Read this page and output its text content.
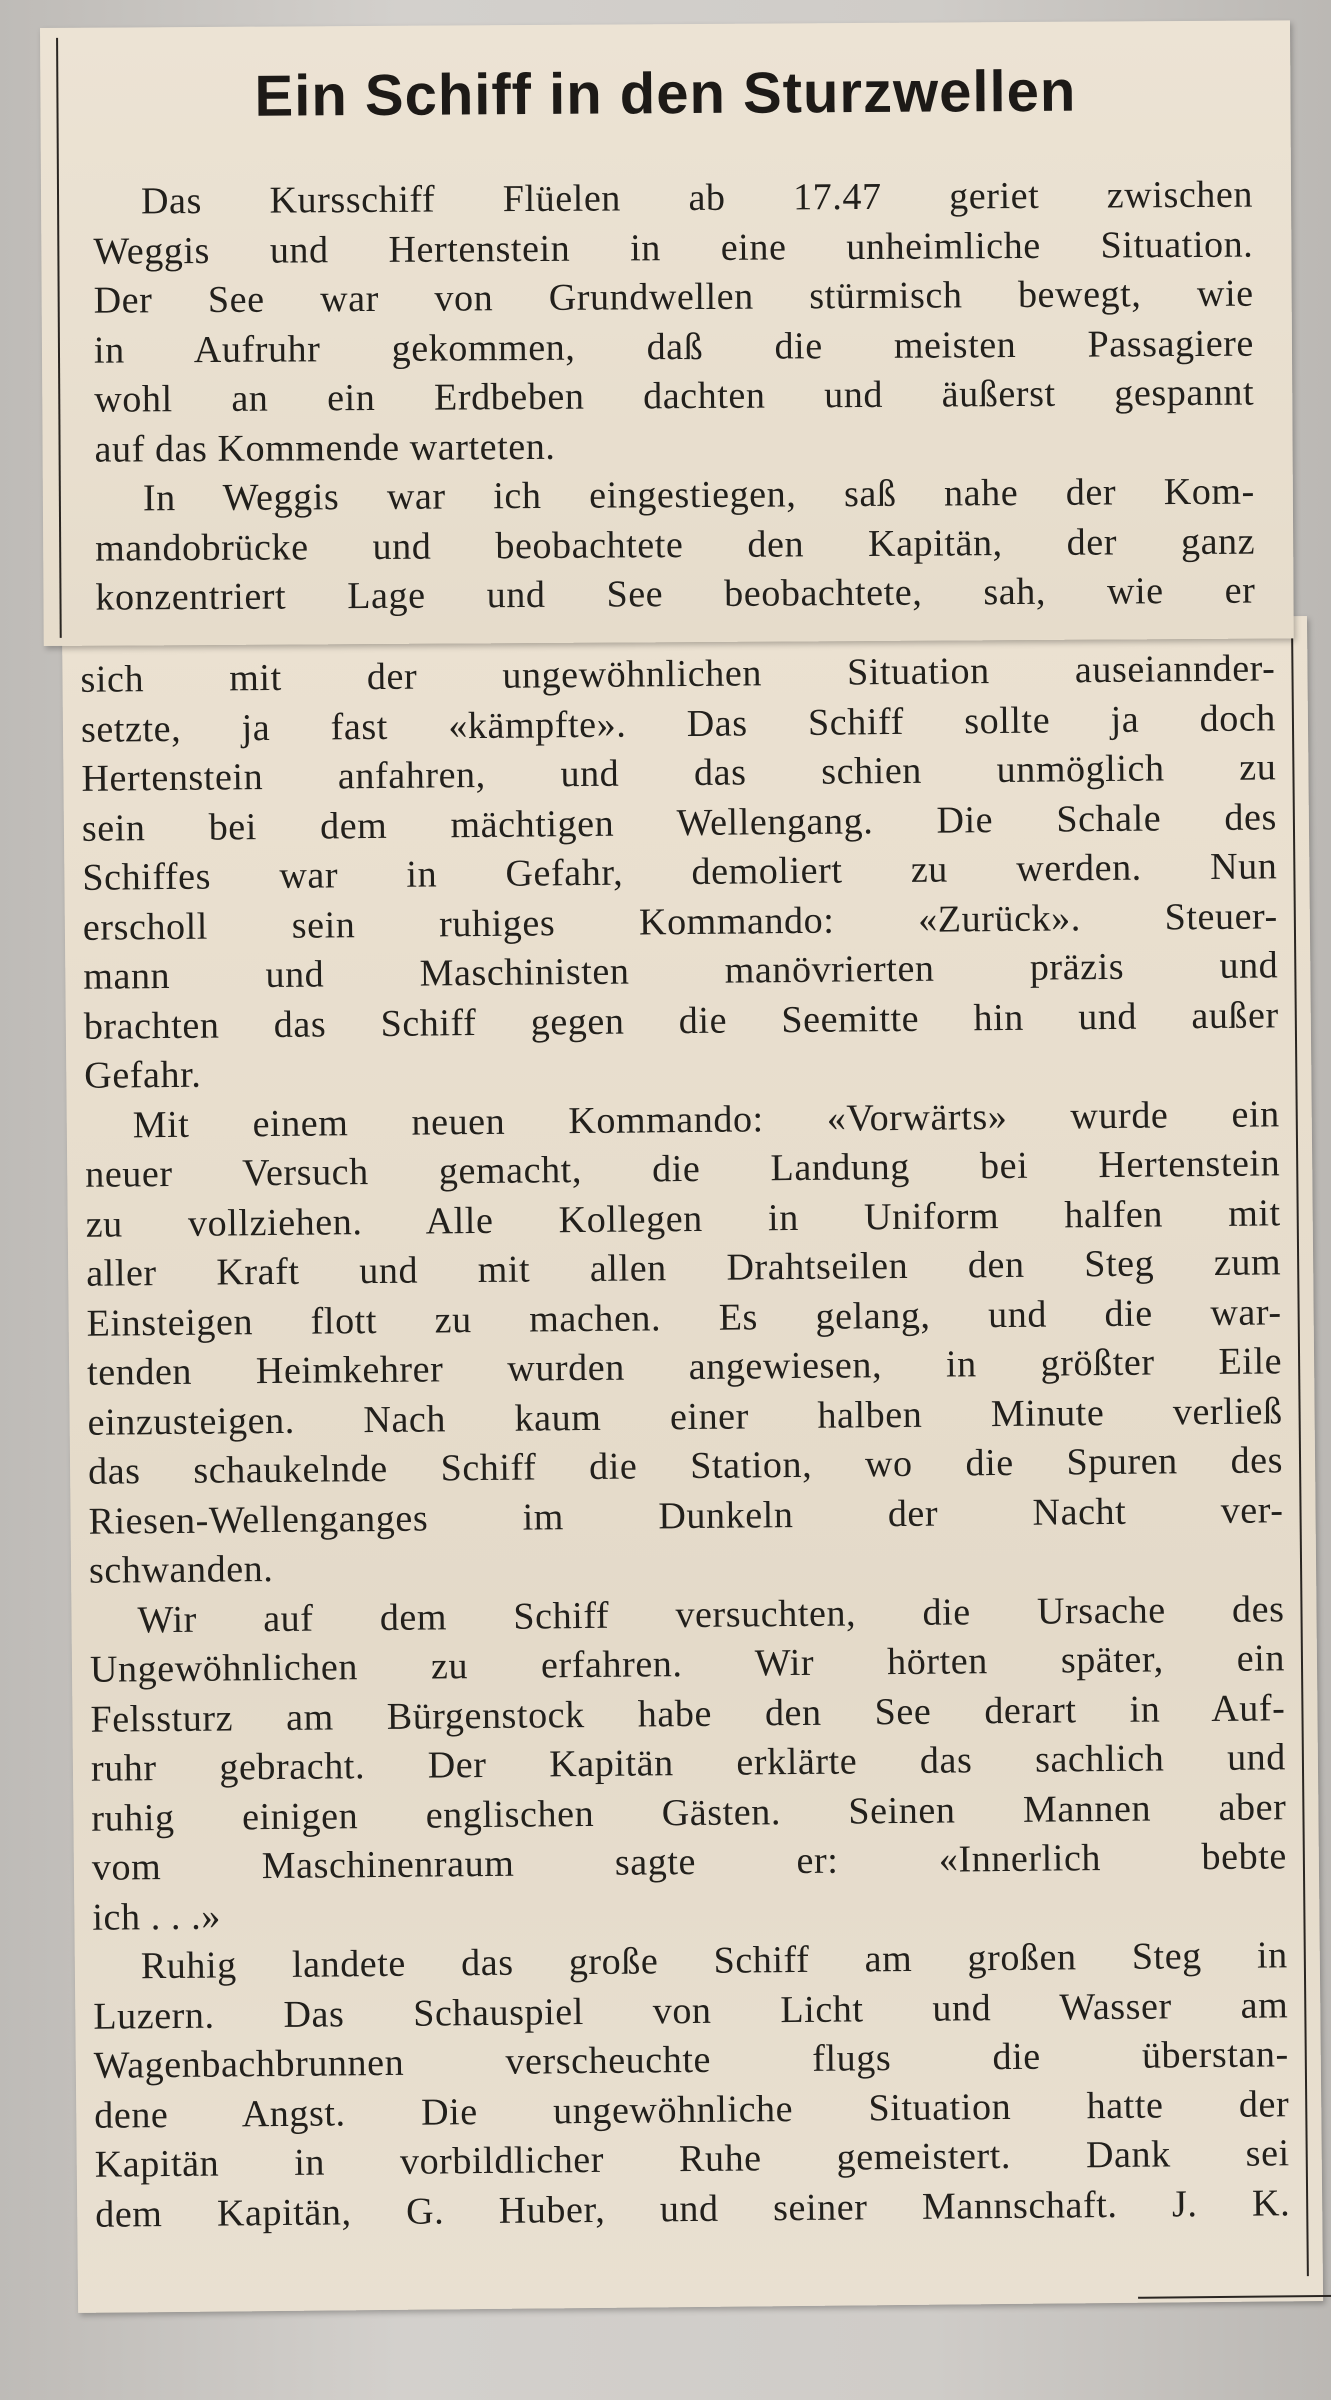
Ein Schiff in den Sturzwellen
Das Kursschiff Flüelen ab 17.47 geriet zwischen
Weggis und Hertenstein in eine unheimliche Situation.
Der See war von Grundwellen stürmisch bewegt, wie
in Aufruhr gekommen, daß die meisten Passagiere
wohl an ein Erdbeben dachten und äußerst gespannt
auf das Kommende warteten.
In Weggis war ich eingestiegen, saß nahe der Kom-
mandobrücke und beobachtete den Kapitän, der ganz
konzentriert Lage und See beobachtete, sah, wie er
sich mit der ungewöhnlichen Situation auseiannder-
setzte, ja fast «kämpfte». Das Schiff sollte ja doch
Hertenstein anfahren, und das schien unmöglich zu
sein bei dem mächtigen Wellengang. Die Schale des
Schiffes war in Gefahr, demoliert zu werden. Nun
erscholl sein ruhiges Kommando: «Zurück». Steuer-
mann und Maschinisten manövrierten präzis und
brachten das Schiff gegen die Seemitte hin und außer
Gefahr.
Mit einem neuen Kommando: «Vorwärts» wurde ein
neuer Versuch gemacht, die Landung bei Hertenstein
zu vollziehen. Alle Kollegen in Uniform halfen mit
aller Kraft und mit allen Drahtseilen den Steg zum
Einsteigen flott zu machen. Es gelang, und die war-
tenden Heimkehrer wurden angewiesen, in größter Eile
einzusteigen. Nach kaum einer halben Minute verließ
das schaukelnde Schiff die Station, wo die Spuren des
Riesen-Wellenganges im Dunkeln der Nacht ver-
schwanden.
Wir auf dem Schiff versuchten, die Ursache des
Ungewöhnlichen zu erfahren. Wir hörten später, ein
Felssturz am Bürgenstock habe den See derart in Auf-
ruhr gebracht. Der Kapitän erklärte das sachlich und
ruhig einigen englischen Gästen. Seinen Mannen aber
vom Maschinenraum sagte er: «Innerlich bebte
ich . . .»
Ruhig landete das große Schiff am großen Steg in
Luzern. Das Schauspiel von Licht und Wasser am
Wagenbachbrunnen verscheuchte flugs die überstan-
dene Angst. Die ungewöhnliche Situation hatte der
Kapitän in vorbildlicher Ruhe gemeistert. Dank sei
dem Kapitän, G. Huber, und seiner Mannschaft. J. K.
